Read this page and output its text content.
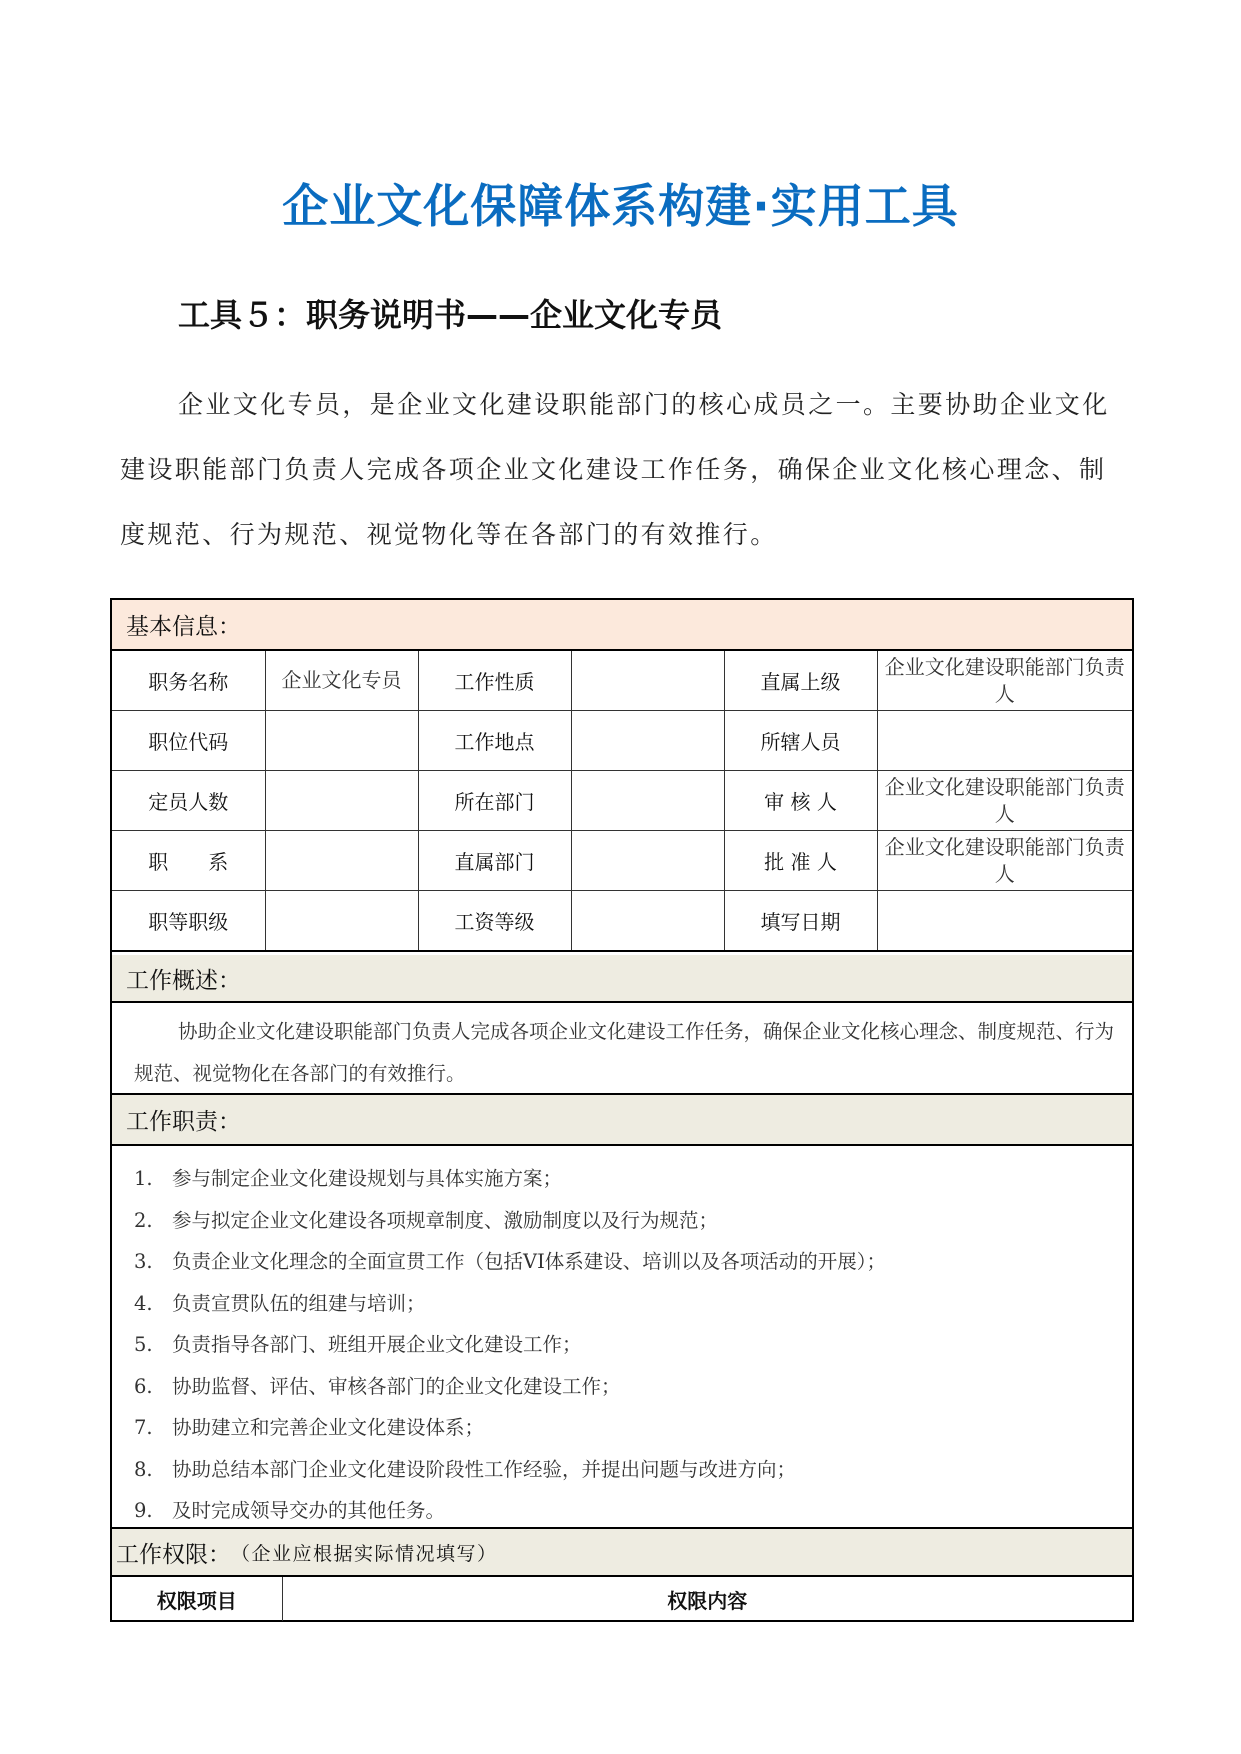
企业文化保障体系构建·实用工具
工具５：职务说明书——企业文化专员

企业文化专员，是企业文化建设职能部门的核心成员之一。主要协助企业文化建设职能部门负责人完成各项企业文化建设工作任务，确保企业文化核心理念、制度规范、行为规范、视觉物化等在各部门的有效推行。

基本信息：
职务名称	企业文化专员	工作性质		直属上级	企业文化建设职能部门负责人
职位代码		工作地点		所辖人员	
定员人数		所在部门		审 核 人	企业文化建设职能部门负责人
职　　系		直属部门		批 准 人	企业文化建设职能部门负责人
职等职级		工资等级		填写日期	
工作概述：

协助企业文化建设职能部门负责人完成各项企业文化建设工作任务，确保企业文化核心理念、制度规范、行为规范、视觉物化在各部门的有效推行。

工作职责：
1. 参与制定企业文化建设规划与具体实施方案；
2. 参与拟定企业文化建设各项规章制度、激励制度以及行为规范；
3. 负责企业文化理念的全面宣贯工作（包括VI体系建设、培训以及各项活动的开展）；
4. 负责宣贯队伍的组建与培训；
5. 负责指导各部门、班组开展企业文化建设工作；
6. 协助监督、评估、审核各部门的企业文化建设工作；
7. 协助建立和完善企业文化建设体系；
8. 协助总结本部门企业文化建设阶段性工作经验，并提出问题与改进方向；
9. 及时完成领导交办的其他任务。
工作权限： （企业应根据实际情况填写）
权限项目	权限内容
